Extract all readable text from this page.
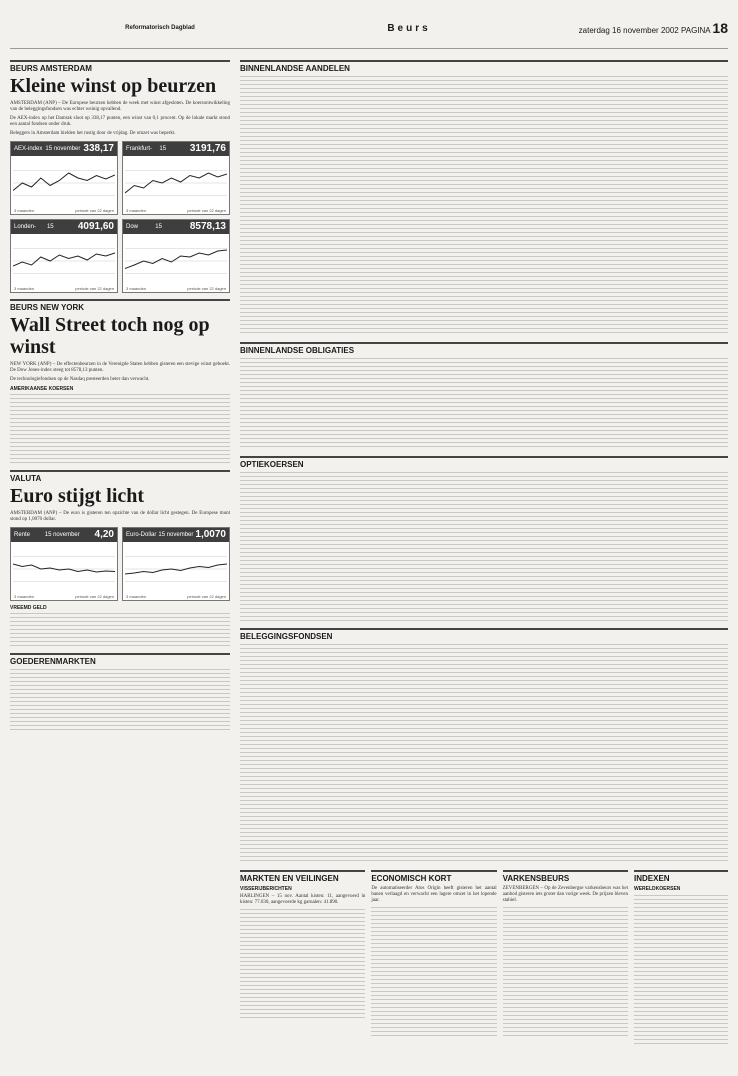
Reformatorisch Dagblad	Beurs	zaterdag 16 november 2002 PAGINA 18
BEURS AMSTERDAM
Kleine winst op beurzen

AMSTERDAM (ANP) – De Europese beurzen hebben de week met winst afgesloten. De koersontwikkeling van de beleggingsfondsen was echter weinig opvallend.

De AEX-index op het Damrak sloot op 338,17 punten, een winst van 0,1 procent. Op de lokale markt stond een aantal fondsen onder druk.

Beleggers in Amsterdam hielden het rustig door de vrijdag. De omzet was beperkt.

AEX-index 15 november 338,17
3 maanden	periode van 22 dagen
Frankfurt-DAX
15 november
3191,76
3 maanden	periode van 22 dagen
Londen-FTSE
15 november
4091,60
3 maanden	periode van 22 dagen
Dow Jones
15 november
8578,13
3 maanden	periode van 22 dagen
BEURS NEW YORK
Wall Street toch nog op winst

NEW YORK (ANP) – De effectenbeurzen in de Verenigde Staten hebben gisteren een stevige winst geboekt. De Dow Jones-index steeg tot 8578,13 punten.

De technologiefondsen op de Nasdaq presteerden beter dan verwacht.

AMERIKAANSE KOERSEN
VALUTA
Euro stijgt licht

AMSTERDAM (ANP) – De euro is gisteren ten opzichte van de dollar licht gestegen. De Europese munt stond op 1,0070 dollar.

Rente 15 november 4,20
3 maanden	periode van 22 dagen
Euro-Dollar 15 november 1,0070
3 maanden	periode van 22 dagen
VREEMD GELD
GOEDERENMARKTEN
BINNENLANDSE AANDELEN
BINNENLANDSE OBLIGATIES
OPTIEKOERSEN
BELEGGINGSFONDSEN
MARKTEN EN VEILINGEN
VISSERIJBERICHTEN
HARLINGEN – 15 nov. Aantal kisten: 11, aangevoerd in kisten: 77.030, aangevoerde kg garnalen: 41.890.
ECONOMISCH KORT
De automatiseerder Atos Origin heeft gisteren het aantal banen verlaagd en verwacht een lagere omzet in het lopende jaar.
VARKENSBEURS
ZEVENBERGEN – Op de Zevenbergse varkensbeurs was het aanbod gisteren iets groter dan vorige week. De prijzen bleven stabiel.
INDEXEN
WERELDKOERSEN
